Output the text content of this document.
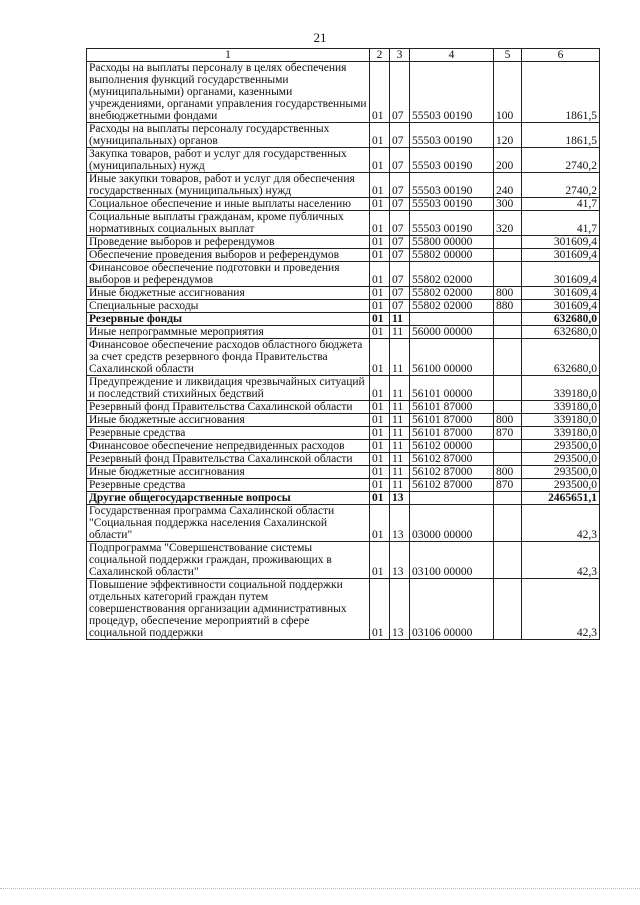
21
1	2	3	4	5	6
Расходы на выплаты персоналу в целях обеспечения выполнения функций государственными (муниципальными) органами, казенными учреждениями, органами управления государственными внебюджетными фондами	01	07	55503 00190	100	1861,5
Расходы на выплаты персоналу государственных (муниципальных) органов	01	07	55503 00190	120	1861,5
Закупка товаров, работ и услуг для государственных (муниципальных) нужд	01	07	55503 00190	200	2740,2
Иные закупки товаров, работ и услуг для обеспечения государственных (муниципальных) нужд	01	07	55503 00190	240	2740,2
Социальное обеспечение и иные выплаты населению	01	07	55503 00190	300	41,7
Социальные выплаты гражданам, кроме публичных нормативных социальных выплат	01	07	55503 00190	320	41,7
Проведение выборов и референдумов	01	07	55800 00000		301609,4
Обеспечение проведения выборов и референдумов	01	07	55802 00000		301609,4
Финансовое обеспечение подготовки и проведения выборов и референдумов	01	07	55802 02000		301609,4
Иные бюджетные ассигнования	01	07	55802 02000	800	301609,4
Специальные расходы	01	07	55802 02000	880	301609,4
Резервные фонды	01	11			632680,0
Иные непрограммные мероприятия	01	11	56000 00000		632680,0
Финансовое обеспечение расходов областного бюджета за счет средств резервного фонда Правительства Сахалинской области	01	11	56100 00000		632680,0
Предупреждение и ликвидация чрезвычайных ситуаций и последствий стихийных бедствий	01	11	56101 00000		339180,0
Резервный фонд Правительства Сахалинской области	01	11	56101 87000		339180,0
Иные бюджетные ассигнования	01	11	56101 87000	800	339180,0
Резервные средства	01	11	56101 87000	870	339180,0
Финансовое обеспечение непредвиденных расходов	01	11	56102 00000		293500,0
Резервный фонд Правительства Сахалинской области	01	11	56102 87000		293500,0
Иные бюджетные ассигнования	01	11	56102 87000	800	293500,0
Резервные средства	01	11	56102 87000	870	293500,0
Другие общегосударственные вопросы	01	13			2465651,1
Государственная программа Сахалинской области "Социальная поддержка населения Сахалинской области"	01	13	03000 00000		42,3
Подпрограмма "Совершенствование системы социальной поддержки граждан, проживающих в Сахалинской области"	01	13	03100 00000		42,3
Повышение эффективности социальной поддержки отдельных категорий граждан путем совершенствования организации административных процедур, обеспечение мероприятий в сфере социальной поддержки	01	13	03106 00000		42,3
